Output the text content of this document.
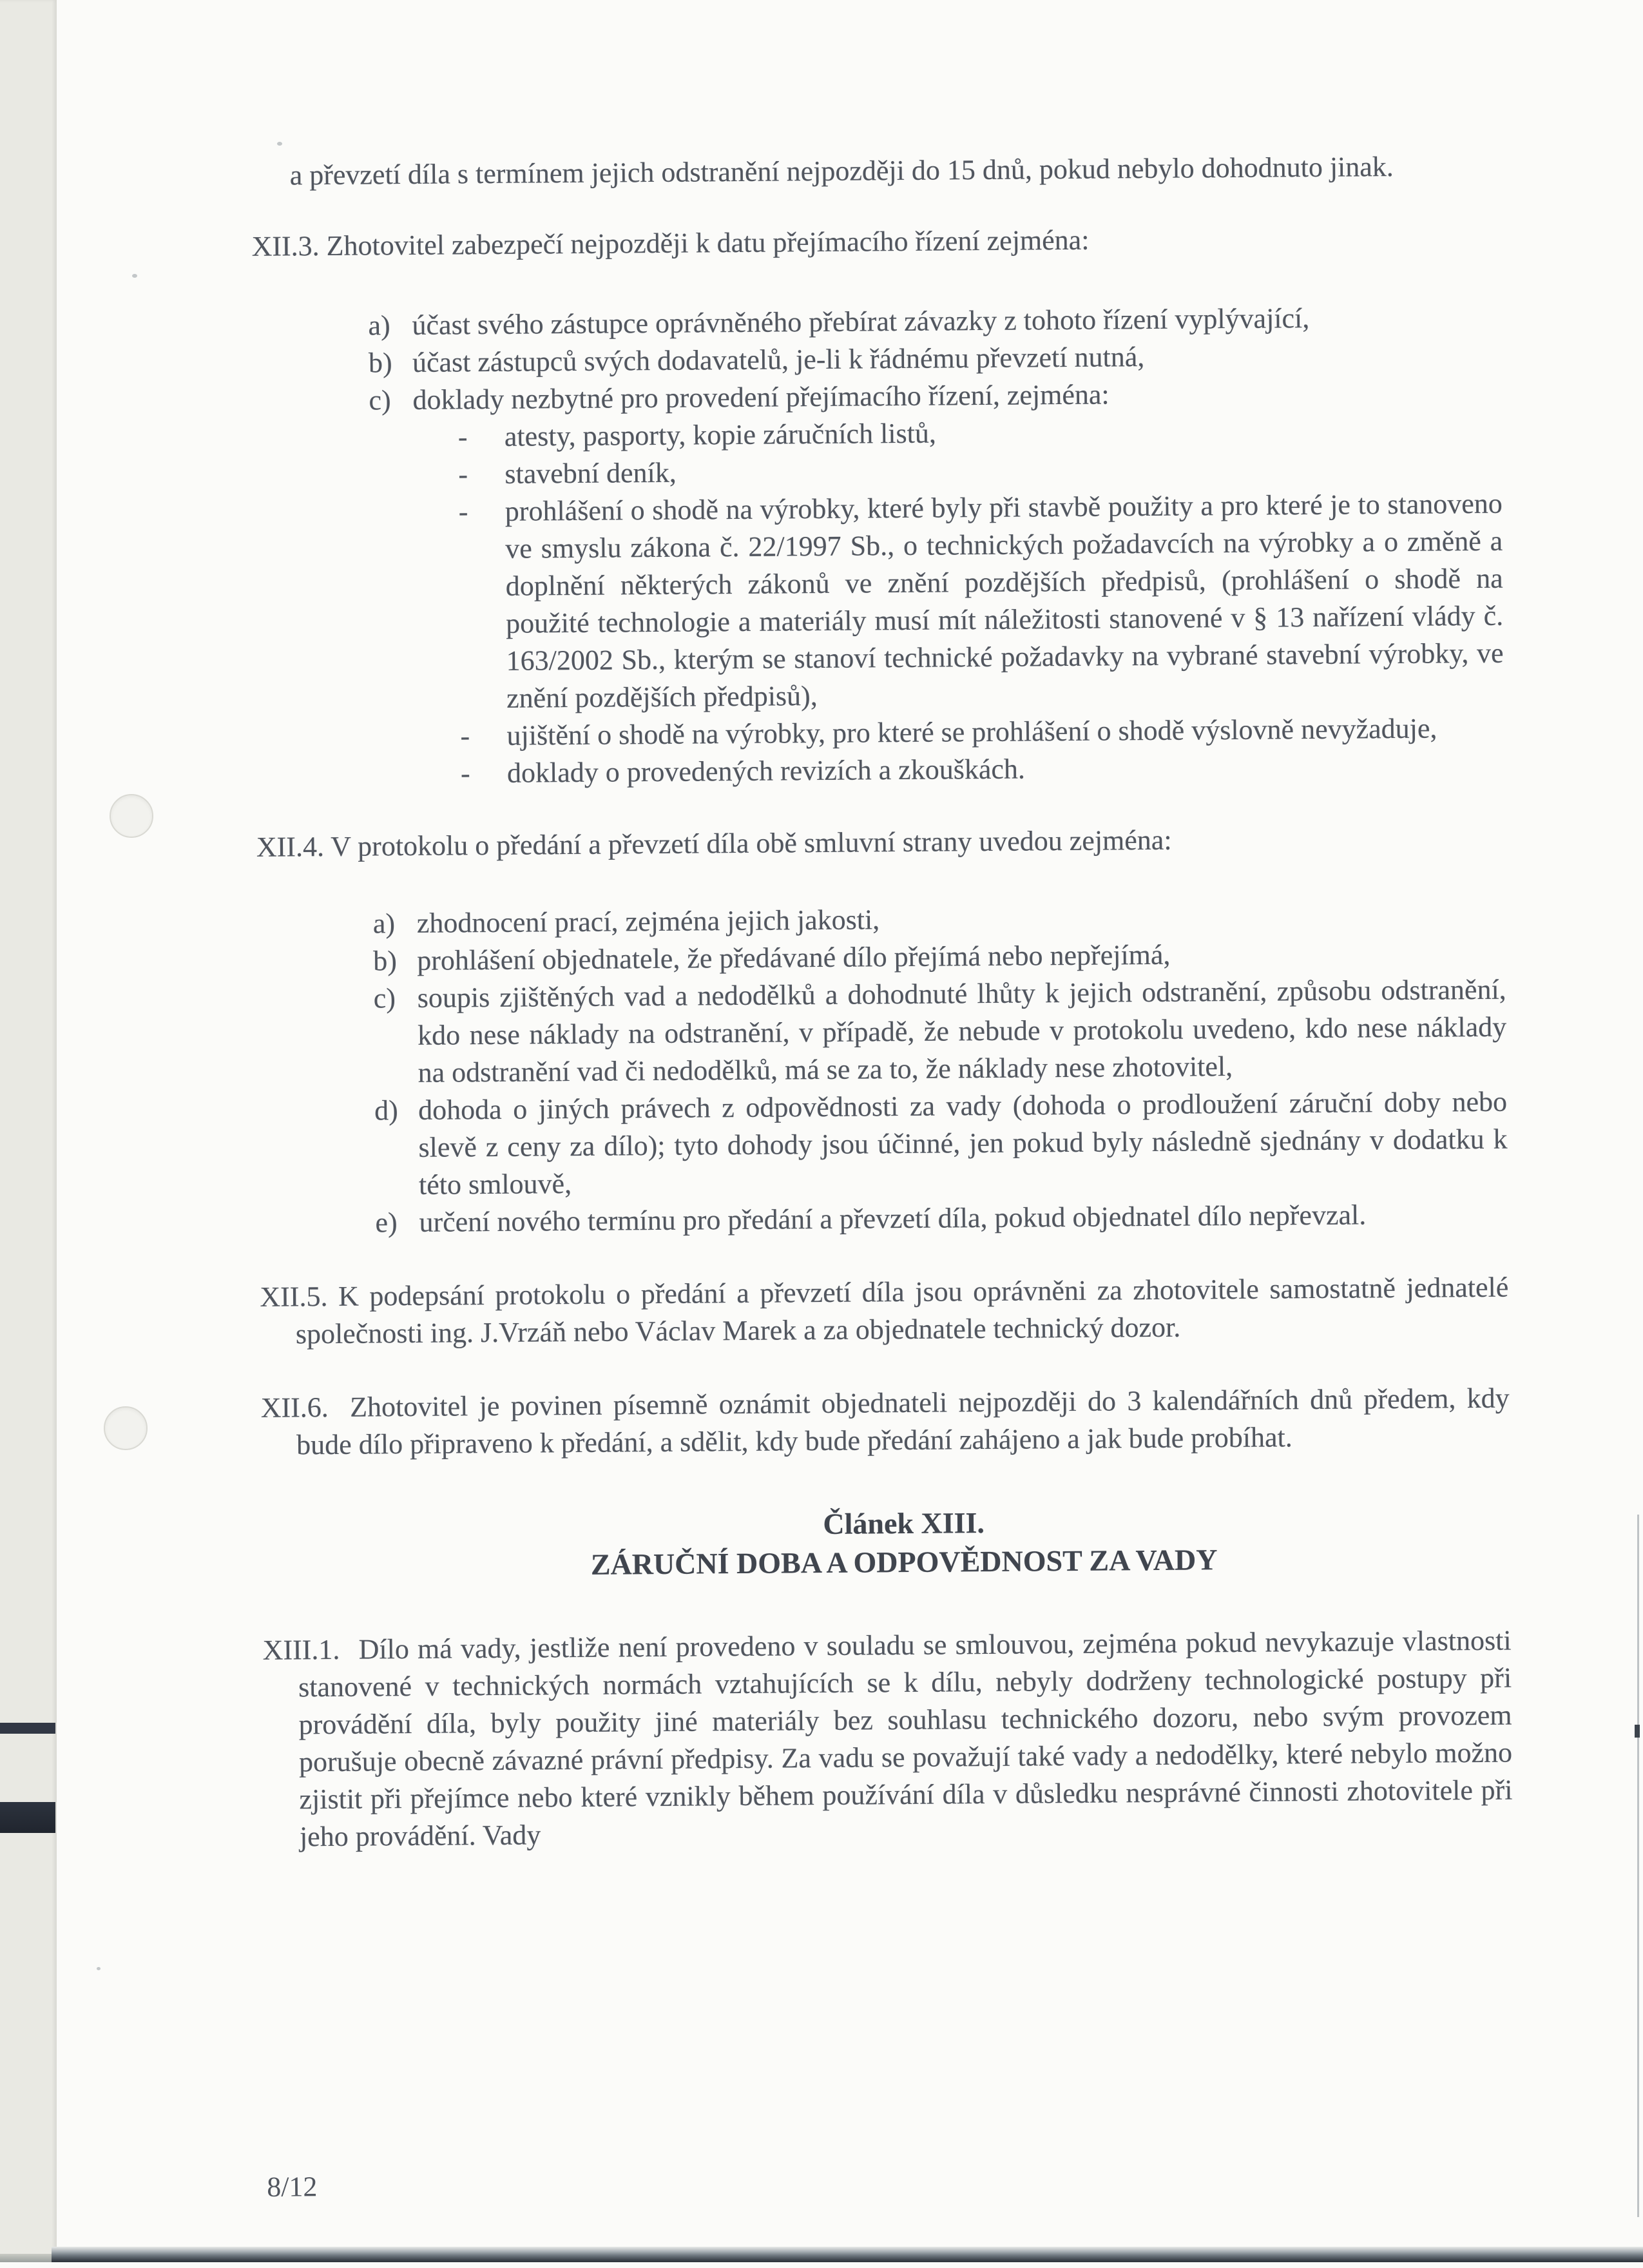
a převzetí díla s termínem jejich odstranění nejpozději do 15 dnů, pokud nebylo dohodnuto jinak.

XII.3. Zhotovitel zabezpečí nejpozději k datu přejímacího řízení zejména:

a) účast svého zástupce oprávněného přebírat závazky z tohoto řízení vyplývající,
b) účast zástupců svých dodavatelů, je-li k řádnému převzetí nutná,
c) doklady nezbytné pro provedení přejímacího řízení, zejména:
- atesty, pasporty, kopie záručních listů,
- stavební deník,
- prohlášení o shodě na výrobky, které byly při stavbě použity a pro které je to stanoveno ve smyslu zákona č. 22/1997 Sb., o technických požadavcích na výrobky a o změně a doplnění některých zákonů ve znění pozdějších předpisů, (prohlášení o shodě na použité technologie a materiály musí mít náležitosti stanovené v § 13 nařízení vlády č. 163/2002 Sb., kterým se stanoví technické požadavky na vybrané stavební výrobky, ve znění pozdějších předpisů),
- ujištění o shodě na výrobky, pro které se prohlášení o shodě výslovně nevyžaduje,
- doklady o provedených revizích a zkouškách.

XII.4. V protokolu o předání a převzetí díla obě smluvní strany uvedou zejména:

a) zhodnocení prací, zejména jejich jakosti,
b) prohlášení objednatele, že předávané dílo přejímá nebo nepřejímá,
c) soupis zjištěných vad a nedodělků a dohodnuté lhůty k jejich odstranění, způsobu odstranění, kdo nese náklady na odstranění, v případě, že nebude v protokolu uvedeno, kdo nese náklady na odstranění vad či nedodělků, má se za to, že náklady nese zhotovitel,
d) dohoda o jiných právech z odpovědnosti za vady (dohoda o prodloužení záruční doby nebo slevě z ceny za dílo); tyto dohody jsou účinné, jen pokud byly následně sjednány v dodatku k této smlouvě,
e) určení nového termínu pro předání a převzetí díla, pokud objednatel dílo nepřevzal.

XII.5. K podepsání protokolu o předání a převzetí díla jsou oprávněni za zhotovitele samostatně jednatelé společnosti ing. J.Vrzáň nebo Václav Marek a za objednatele technický dozor.

XII.6. Zhotovitel je povinen písemně oznámit objednateli nejpozději do 3 kalendářních dnů předem, kdy bude dílo připraveno k předání, a sdělit, kdy bude předání zahájeno a jak bude probíhat.

Článek XIII.
ZÁRUČNÍ DOBA A ODPOVĚDNOST ZA VADY

XIII.1. Dílo má vady, jestliže není provedeno v souladu se smlouvou, zejména pokud nevykazuje vlastnosti stanovené v technických normách vztahujících se k dílu, nebyly dodrženy technologické postupy při provádění díla, byly použity jiné materiály bez souhlasu technického dozoru, nebo svým provozem porušuje obecně závazné právní předpisy. Za vadu se považují také vady a nedodělky, které nebylo možno zjistit při přejímce nebo které vznikly během používání díla v důsledku nesprávné činnosti zhotovitele při jeho provádění. Vady

8/12
